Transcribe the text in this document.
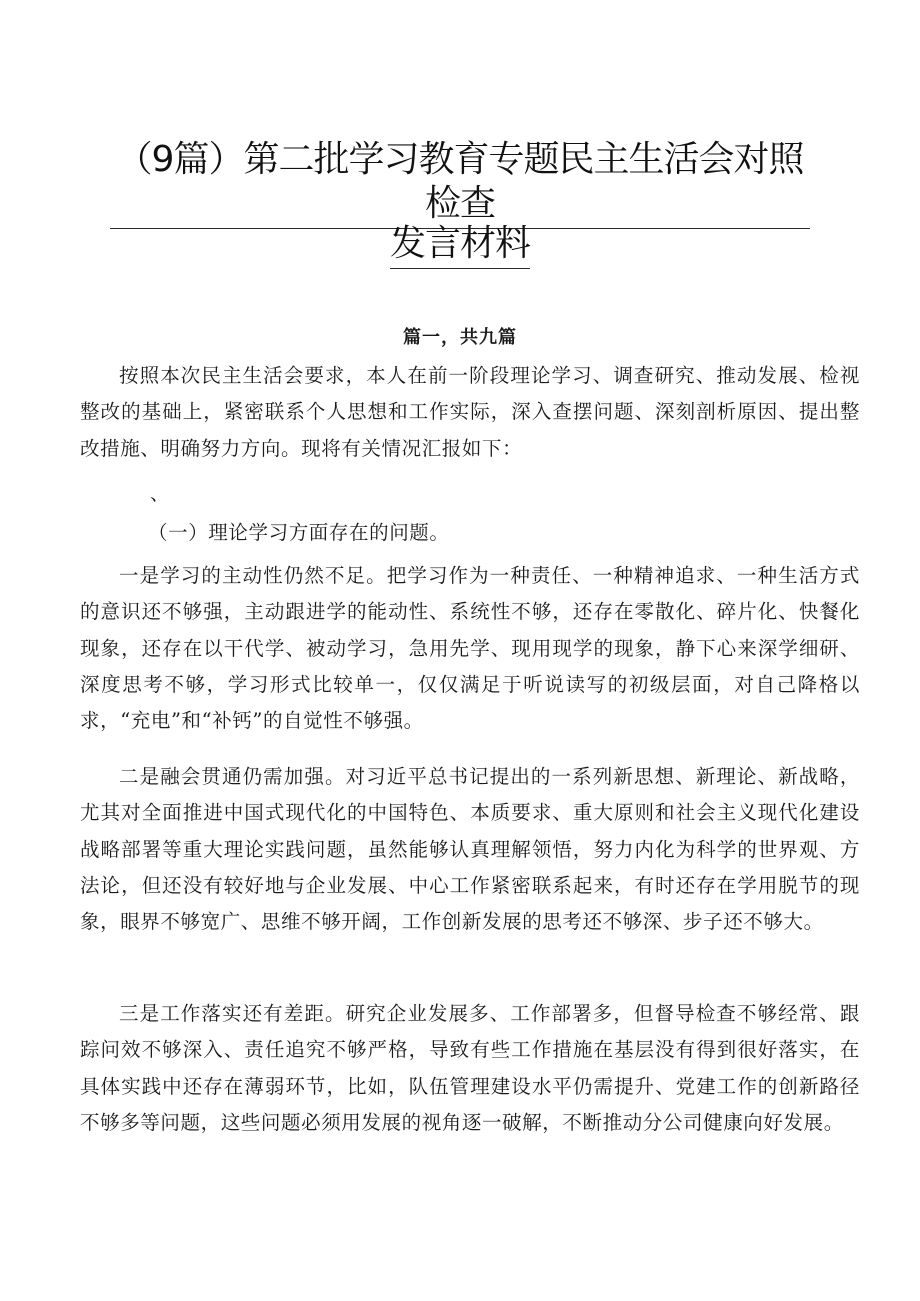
（9篇）第二批学习教育专题民主生活会对照检查
发言材料
篇一，共九篇

按照本次民主生活会要求，本人在前一阶段理论学习、调查研究、推动发展、检视整改的基础上，紧密联系个人思想和工作实际，深入查摆问题、深刻剖析原因、提出整改措施、明确努力方向。现将有关情况汇报如下：

、
（一）理论学习方面存在的问题。

一是学习的主动性仍然不足。把学习作为一种责任、一种精神追求、一种生活方式的意识还不够强，主动跟进学的能动性、系统性不够，还存在零散化、碎片化、快餐化现象，还存在以干代学、被动学习，急用先学、现用现学的现象，静下心来深学细研、深度思考不够，学习形式比较单一，仅仅满足于听说读写的初级层面，对自己降格以求，“充电”和“补钙”的自觉性不够强。

二是融会贯通仍需加强。对习近平总书记提出的一系列新思想、新理论、新战略，尤其对全面推进中国式现代化的中国特色、本质要求、重大原则和社会主义现代化建设战略部署等重大理论实践问题，虽然能够认真理解领悟，努力内化为科学的世界观、方法论，但还没有较好地与企业发展、中心工作紧密联系起来，有时还存在学用脱节的现象，眼界不够宽广、思维不够开阔，工作创新发展的思考还不够深、步子还不够大。

三是工作落实还有差距。研究企业发展多、工作部署多，但督导检查不够经常、跟踪问效不够深入、责任追究不够严格，导致有些工作措施在基层没有得到很好落实，在具体实践中还存在薄弱环节，比如，队伍管理建设水平仍需提升、党建工作的创新路径不够多等问题，这些问题必须用发展的视角逐一破解，不断推动分公司健康向好发展。
